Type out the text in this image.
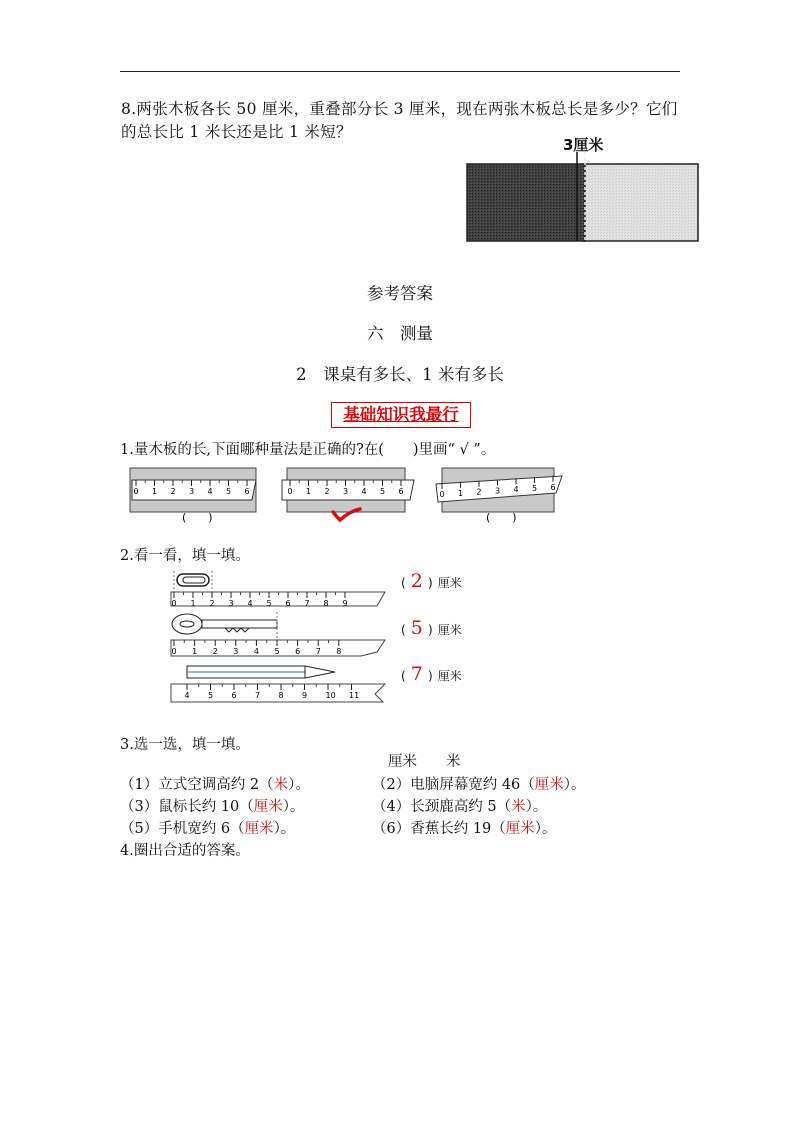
8.两张木板各长 50 厘米，重叠部分长 3 厘米，现在两张木板总长是多少？它们
的总长比 1 米长还是比 1 米短？
3厘米
参考答案
六　测量
2　课桌有多长、1 米有多长
基础知识我最行
1.量木板的长,下面哪种量法是正确的?在(　　)里画“ √ ”。
0 1 2 3 4 5 6	0 1 2 3 4 5 6	0 1 2 3 4 5 6
(　　)	(　　)
2.看一看，填一填。
0 1 2 3 4 5 6 7 8 9
0 1 2 3 4 5 6 7 8
4 5 6 7 8 9 10 11
( 2 ) 厘米
( 5 ) 厘米
( 7 ) 厘米
3.选一选，填一填。
厘米　　米
（1）立式空调高约 2（米）。	（2）电脑屏幕宽约 46（厘米）。
（3）鼠标长约 10（厘米）。	（4）长颈鹿高约 5（米）。
（5）手机宽约 6（厘米）。	（6）香蕉长约 19（厘米）。
4.圈出合适的答案。
